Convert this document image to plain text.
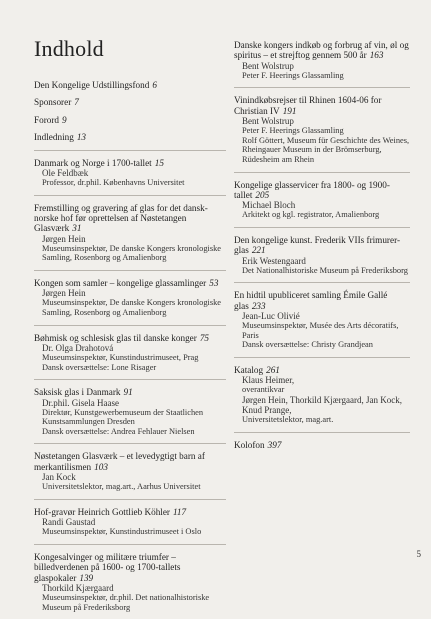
Indhold
Den Kongelige Udstillingsfond 6
Sponsorer 7
Forord 9
Indledning 13
Danmark og Norge i 1700-tallet 15
Ole Feldbæk
Professor, dr.phil. Københavns Universitet
Fremstilling og gravering af glas for det dansk-norske hof før oprettelsen af Nøstetangen Glasværk 31
Jørgen Hein
Museumsinspektør, De danske Kongers kronologiske Samling, Rosenborg og Amalienborg
Kongen som samler – kongelige glassamlinger 53
Jørgen Hein
Museumsinspektør, De danske Kongers kronologiske Samling, Rosenborg og Amalienborg
Bøhmisk og schlesisk glas til danske konger 75
Dr. Olga Drahotová
Museumsinspektør, Kunstindustrimuseet, Prag
Dansk oversættelse: Lone Risager
Saksisk glas i Danmark 91
Dr.phil. Gisela Haase
Direktør, Kunstgewerbemuseum der Staatlichen Kunstsammlungen Dresden
Dansk oversættelse: Andrea Fehlauer Nielsen
Nøstetangen Glasværk – et levedygtigt barn af merkantilismen 103
Jan Kock
Universitetslektor, mag.art., Aarhus Universitet
Hof-gravør Heinrich Gottlieb Köhler 117
Randi Gaustad
Museumsinspektør, Kunstindustrimuseet i Oslo
Kongesalvinger og militære triumfer – billedverdenen på 1600- og 1700-tallets glaspokaler 139
Thorkild Kjærgaard
Museumsinspektør, dr.phil. Det nationalhistoriske Museum på Frederiksborg
Danske kongers indkøb og forbrug af vin, øl og spiritus – et strejftog gennem 500 år 163
Bent Wolstrup
Peter F. Heerings Glassamling
Vinindkøbsrejser til Rhinen 1604-06 for Christian IV 191
Bent Wolstrup
Peter F. Heerings Glassamling
Rolf Göttert, Museum für Geschichte des Weines, Rheingauer Museum in der Brömserburg, Rüdesheim am Rhein
Kongelige glasservicer fra 1800- og 1900-tallet 205
Michael Bloch
Arkitekt og kgl. registrator, Amalienborg
Den kongelige kunst. Frederik VIIs frimurer-glas 221
Erik Westengaard
Det Nationalhistoriske Museum på Frederiksborg
En hidtil upubliceret samling Émile Gallé glas 233
Jean-Luc Olivié
Museumsinspektør, Musée des Arts décoratifs, Paris
Dansk oversættelse: Christy Grandjean
Katalog 261
Klaus Heimer,
overantikvar
Jørgen Hein, Thorkild Kjærgaard, Jan Kock, Knud Prange,
Universitetslektor, mag.art.
Kolofon 397
5
